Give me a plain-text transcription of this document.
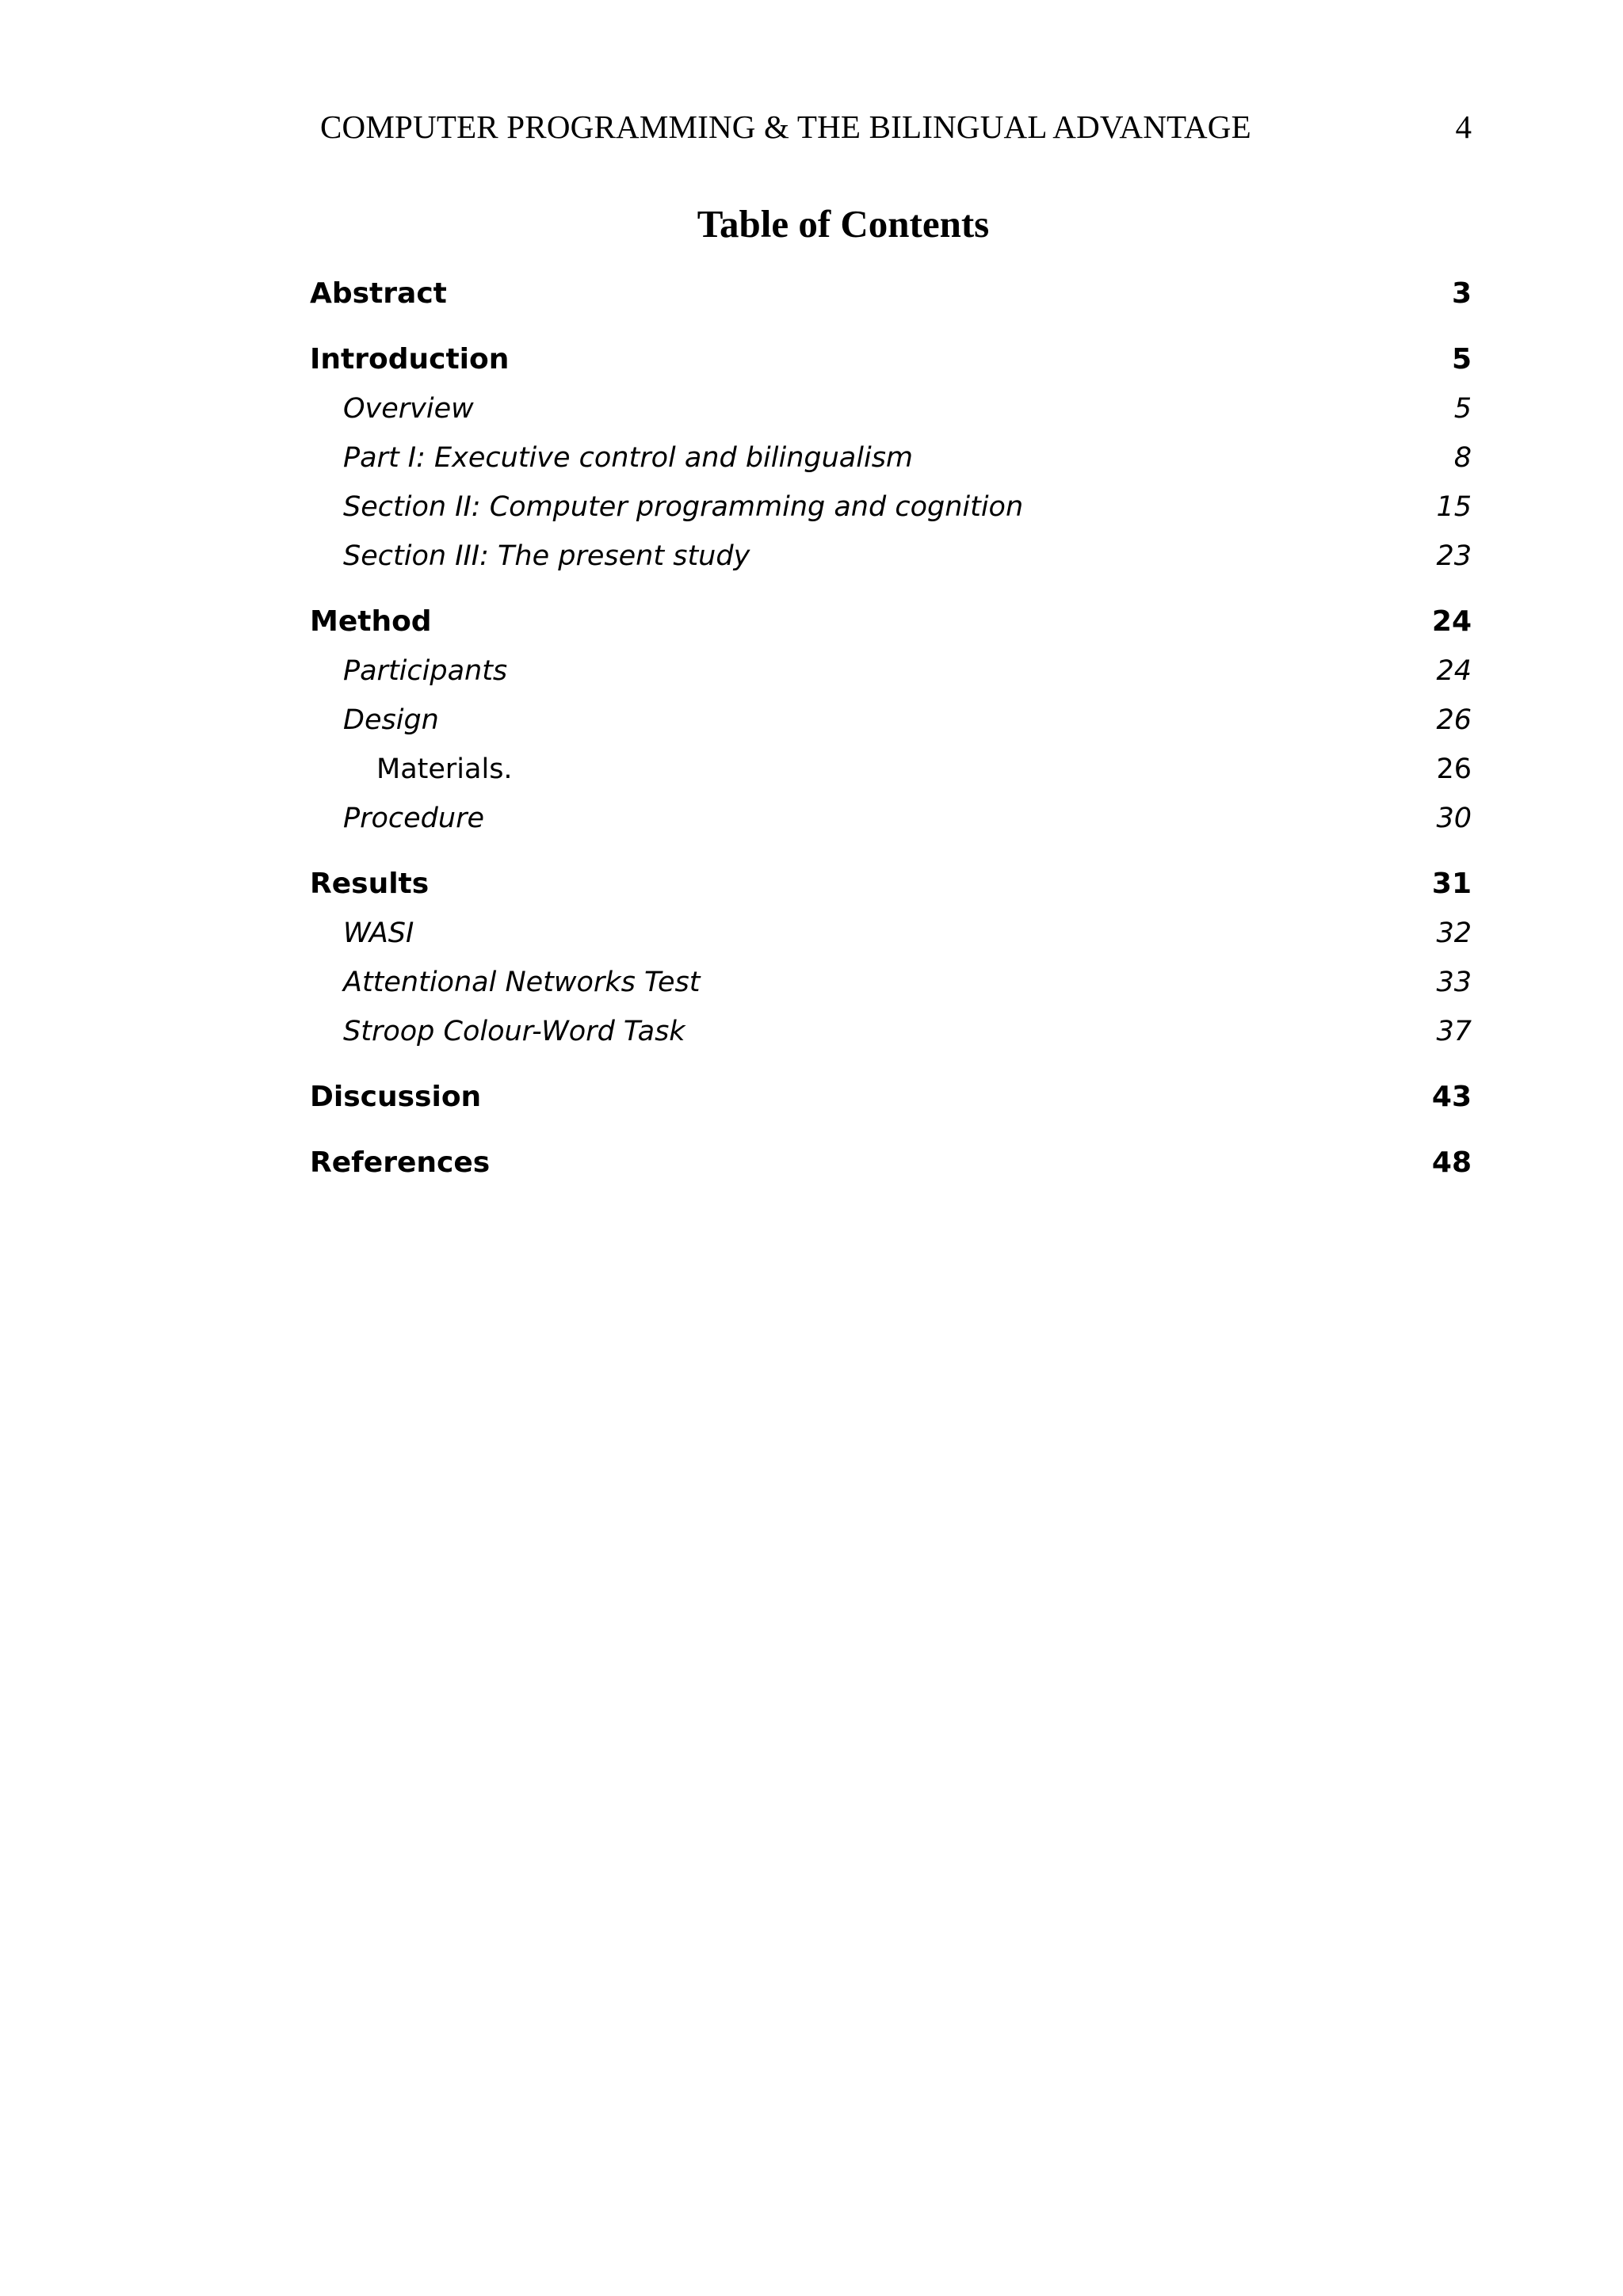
COMPUTER PROGRAMMING & THE BILINGUAL ADVANTAGE	4
Table of Contents
Abstract	3
Introduction	5
Overview	5
Part I: Executive control and bilingualism	8
Section II: Computer programming and cognition	15
Section III: The present study	23
Method	24
Participants	24
Design	26
Materials.	26
Procedure	30
Results	31
WASI	32
Attentional Networks Test	33
Stroop Colour-Word Task	37
Discussion	43
References	48
